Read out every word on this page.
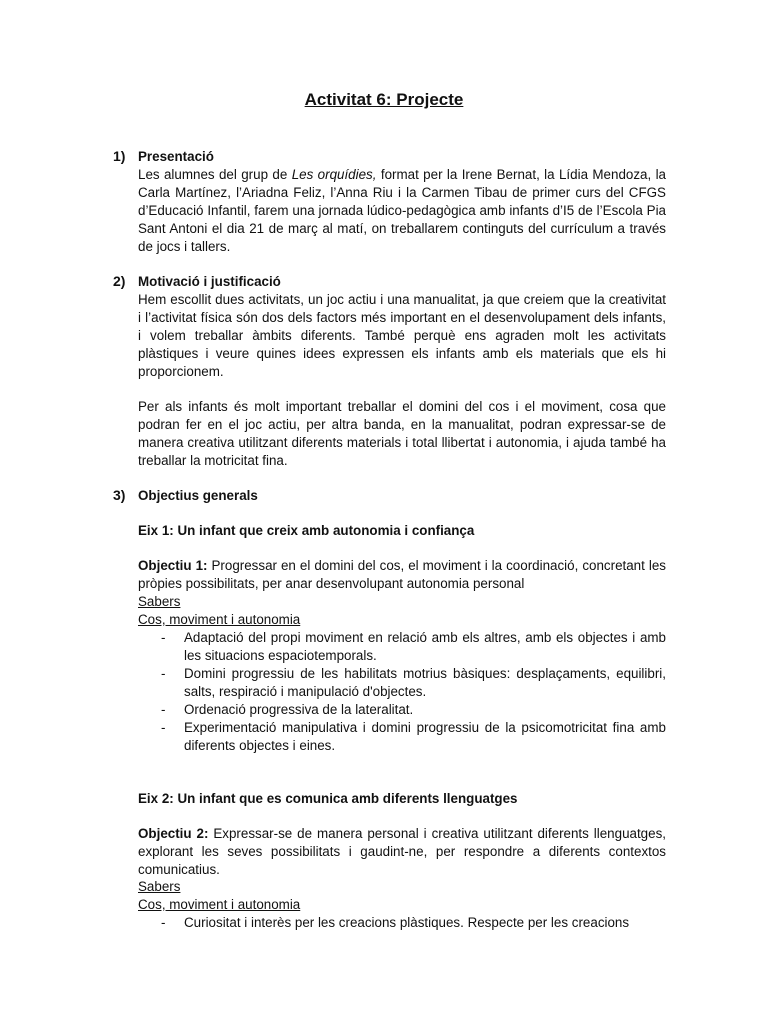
Activitat 6: Projecte
1) Presentació

Les alumnes del grup de Les orquídies, format per la Irene Bernat, la Lídia Mendoza, la Carla Martínez, l’Ariadna Feliz, l’Anna Riu i la Carmen Tibau de primer curs del CFGS d’Educació Infantil, farem una jornada lúdico-pedagògica amb infants d’I5 de l’Escola Pia Sant Antoni el dia 21 de març al matí, on treballarem continguts del currículum a través de jocs i tallers.

2) Motivació i justificació

Hem escollit dues activitats, un joc actiu i una manualitat, ja que creiem que la creativitat i l’activitat física són dos dels factors més important en el desenvolupament dels infants, i volem treballar àmbits diferents. També perquè ens agraden molt les activitats plàstiques i veure quines idees expressen els infants amb els materials que els hi proporcionem.

Per als infants és molt important treballar el domini del cos i el moviment, cosa que podran fer en el joc actiu, per altra banda, en la manualitat, podran expressar-se de manera creativa utilitzant diferents materials i total llibertat i autonomia, i ajuda també ha treballar la motricitat fina.

3) Objectius generals
Eix 1: Un infant que creix amb autonomia i confiança

Objectiu 1: Progressar en el domini del cos, el moviment i la coordinació, concretant les pròpies possibilitats, per anar desenvolupant autonomia personal

Sabers
Cos, moviment i autonomia
- Adaptació del propi moviment en relació amb els altres, amb els objectes i amb les situacions espaciotemporals.
- Domini progressiu de les habilitats motrius bàsiques: desplaçaments, equilibri, salts, respiració i manipulació d'objectes.
- Ordenació progressiva de la lateralitat.
- Experimentació manipulativa i domini progressiu de la psicomotricitat fina amb diferents objectes i eines.
Eix 2: Un infant que es comunica amb diferents llenguatges

Objectiu 2: Expressar-se de manera personal i creativa utilitzant diferents llenguatges, explorant les seves possibilitats i gaudint-ne, per respondre a diferents contextos comunicatius.

Sabers
Cos, moviment i autonomia
- Curiositat i interès per les creacions plàstiques. Respecte per les creacions
